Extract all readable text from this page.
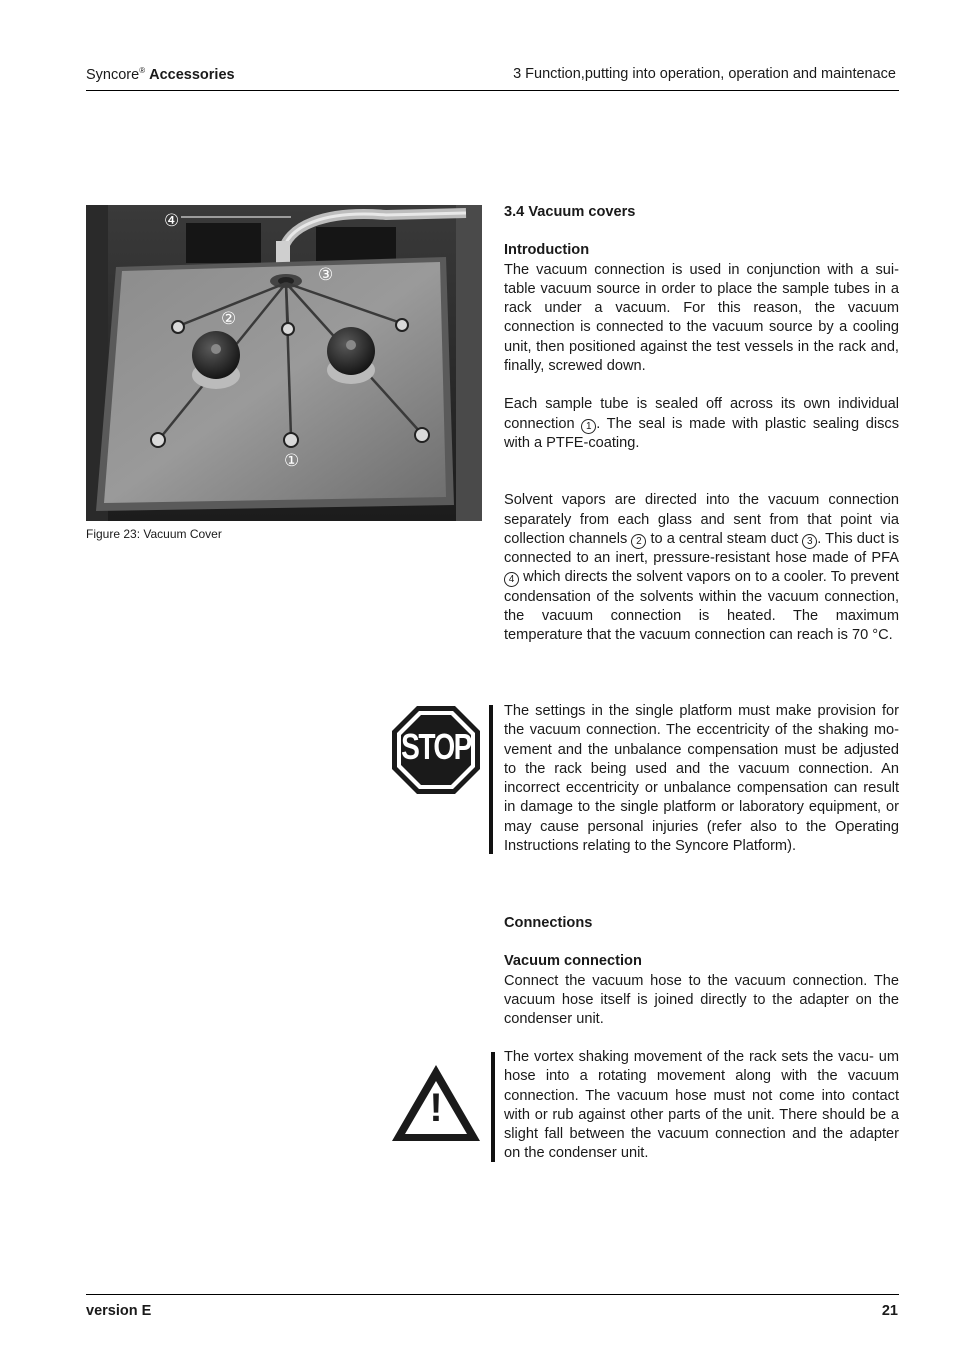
Syncore® Accessories	3 Function,putting into operation, operation and maintenace
④
③
②
①
Figure 23: Vacuum Cover

3.4 Vacuum covers

Introduction

The vacuum connection is used in conjunction with a sui- table vacuum source in order to place the sample tubes in a rack under a vacuum. For this reason, the vacuum connection is connected to the vacuum source by a cooling unit, then positioned against the test vessels in the rack and, finally, screwed down.

Each sample tube is sealed off across its own individual connection 1 . The seal is made with plastic sealing discs with a PTFE-coating.

Solvent vapors are directed into the vacuum connection separately from each glass and sent from that point via collection channels 2 to a central steam duct 3 . This duct is connected to an inert, pressure-resistant hose made of PFA 4 which directs the solvent vapors on to a cooler. To prevent condensation of the solvents within the vacuum connection, the vacuum connection is heated. The maximum temperature that the vacuum connection can reach is 70 °C.

STOP

The settings in the single platform must make provision for the vacuum connection. The eccentricity of the shaking mo- vement and the unbalance compensation must be adjusted to the rack being used and the vacuum connection. An incorrect eccentricity or unbalance compensation can result in damage to the single platform or laboratory equipment, or may cause personal injuries (refer also to the Operating Instructions relating to the Syncore Platform).

Connections

Vacuum connection

Connect the vacuum hose to the vacuum connection. The vacuum hose itself is joined directly to the adapter on the condenser unit.

!

The vortex shaking movement of the rack sets the vacu- um hose into a rotating movement along with the vacuum connection. The vacuum hose must not come into contact with or rub against other parts of the unit. There should be a slight fall between the vacuum connection and the adapter on the condenser unit.

version E	21
